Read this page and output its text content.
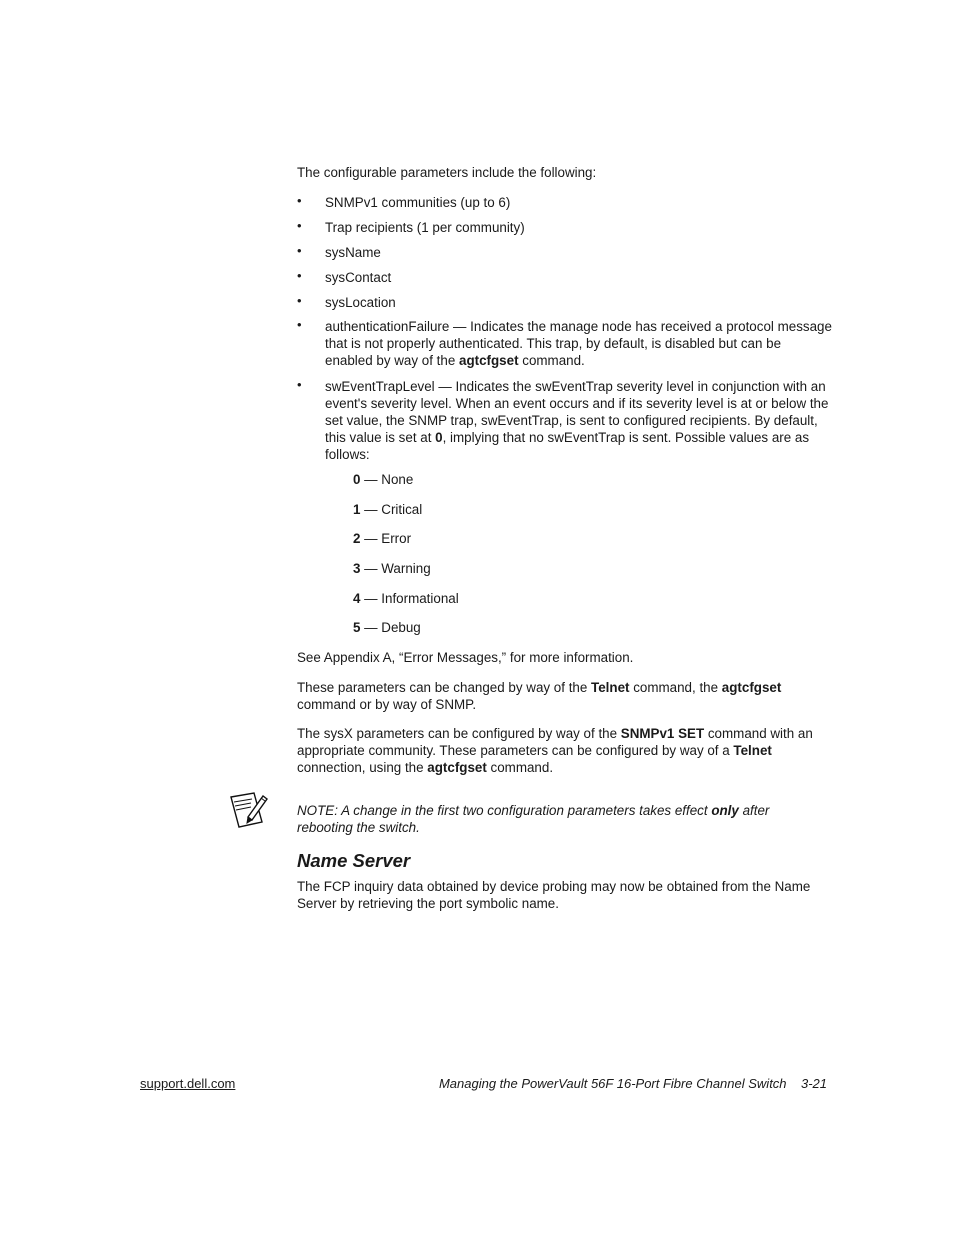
The configurable parameters include the following:

• SNMPv1 communities (up to 6)
• Trap recipients (1 per community)
• sysName
• sysContact
• sysLocation
• authenticationFailure — Indicates the manage node has received a protocol message that is not properly authenticated. This trap, by default, is disabled but can be enabled by way of the agtcfgset command.
• swEventTrapLevel — Indicates the swEventTrap severity level in conjunction with an event's severity level. When an event occurs and if its severity level is at or below the set value, the SNMP trap, swEventTrap, is sent to configured recipients. By default, this value is set at 0, implying that no swEventTrap is sent. Possible values are as follows:
0 — None
1 — Critical
2 — Error
3 — Warning
4 — Informational
5 — Debug

See Appendix A, “Error Messages,” for more information.

These parameters can be changed by way of the Telnet command, the agtcfgset command or by way of SNMP.

The sysX parameters can be configured by way of the SNMPv1 SET command with an appropriate community. These parameters can be configured by way of a Telnet connection, using the agtcfgset command.

NOTE: A change in the first two configuration parameters takes effect only after rebooting the switch.

Name Server

The FCP inquiry data obtained by device probing may now be obtained from the Name Server by retrieving the port symbolic name.

support.dell.com	Managing the PowerVault 56F 16-Port Fibre Channel Switch    3-21
